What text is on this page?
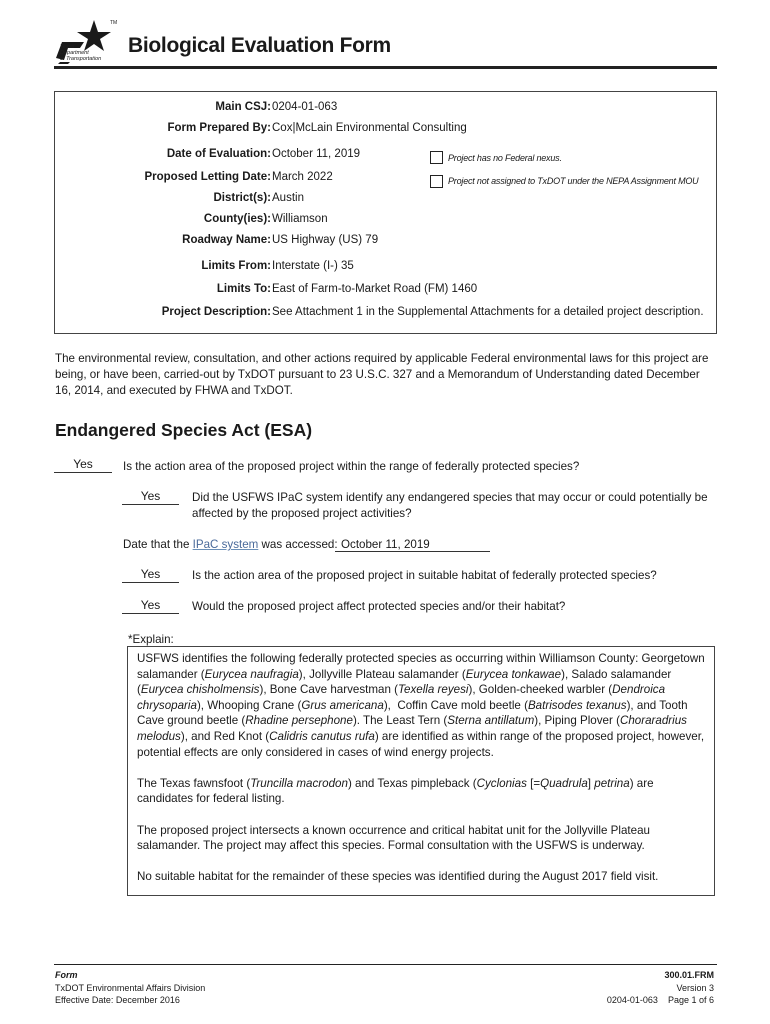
Texas
Department
of Transportation
TM
Biological Evaluation Form
Main CSJ: 0204-01-063
Form Prepared By: Cox|McLain Environmental Consulting
Date of Evaluation: October 11, 2019
Proposed Letting Date: March 2022
District(s): Austin
County(ies): Williamson
Roadway Name: US Highway (US) 79
Limits From: Interstate (I-) 35
Limits To: East of Farm-to-Market Road (FM) 1460
Project Description: See Attachment 1 in the Supplemental Attachments for a detailed project description.
Project has no Federal nexus.
Project not assigned to TxDOT under the NEPA Assignment MOU
The environmental review, consultation, and other actions required by applicable Federal environmental laws for this project are being, or have been, carried-out by TxDOT pursuant to 23 U.S.C. 327 and a Memorandum of Understanding dated December 16, 2014, and executed by FHWA and TxDOT.
Endangered Species Act (ESA)
Yes	Is the action area of the proposed project within the range of federally protected species?
Yes	Did the USFWS IPaC system identify any endangered species that may occur or could potentially be
affected by the proposed project activities?
Date that the IPaC system was accessed: October 11, 2019
Yes	Is the action area of the proposed project in suitable habitat of federally protected species?
Yes	Would the proposed project affect protected species and/or their habitat?
*Explain:

USFWS identifies the following federally protected species as occurring within Williamson County: Georgetown salamander (Eurycea naufragia), Jollyville Plateau salamander (Eurycea tonkawae), Salado salamander (Eurycea chisholmensis), Bone Cave harvestman (Texella reyesi), Golden-cheeked warbler (Dendroica chrysoparia), Whooping Crane (Grus americana),  Coffin Cave mold beetle (Batrisodes texanus), and Tooth Cave ground beetle (Rhadine persephone). The Least Tern (Sterna antillatum), Piping Plover (Choraradrius melodus), and Red Knot (Calidris canutus rufa) are identified as within range of the proposed project, however, potential effects are only considered in cases of wind energy projects.

The Texas fawnsfoot (Truncilla macrodon) and Texas pimpleback (Cyclonias [=Quadrula] petrina) are candidates for federal listing.

The proposed project intersects a known occurrence and critical habitat unit for the Jollyville Plateau salamander. The project may affect this species. Formal consultation with the USFWS is underway.

No suitable habitat for the remainder of these species was identified during the August 2017 field visit.

Form
TxDOT Environmental Affairs Division
Effective Date: December 2016
300.01.FRM
Version 3
0204-01-063 Page 1 of 6
